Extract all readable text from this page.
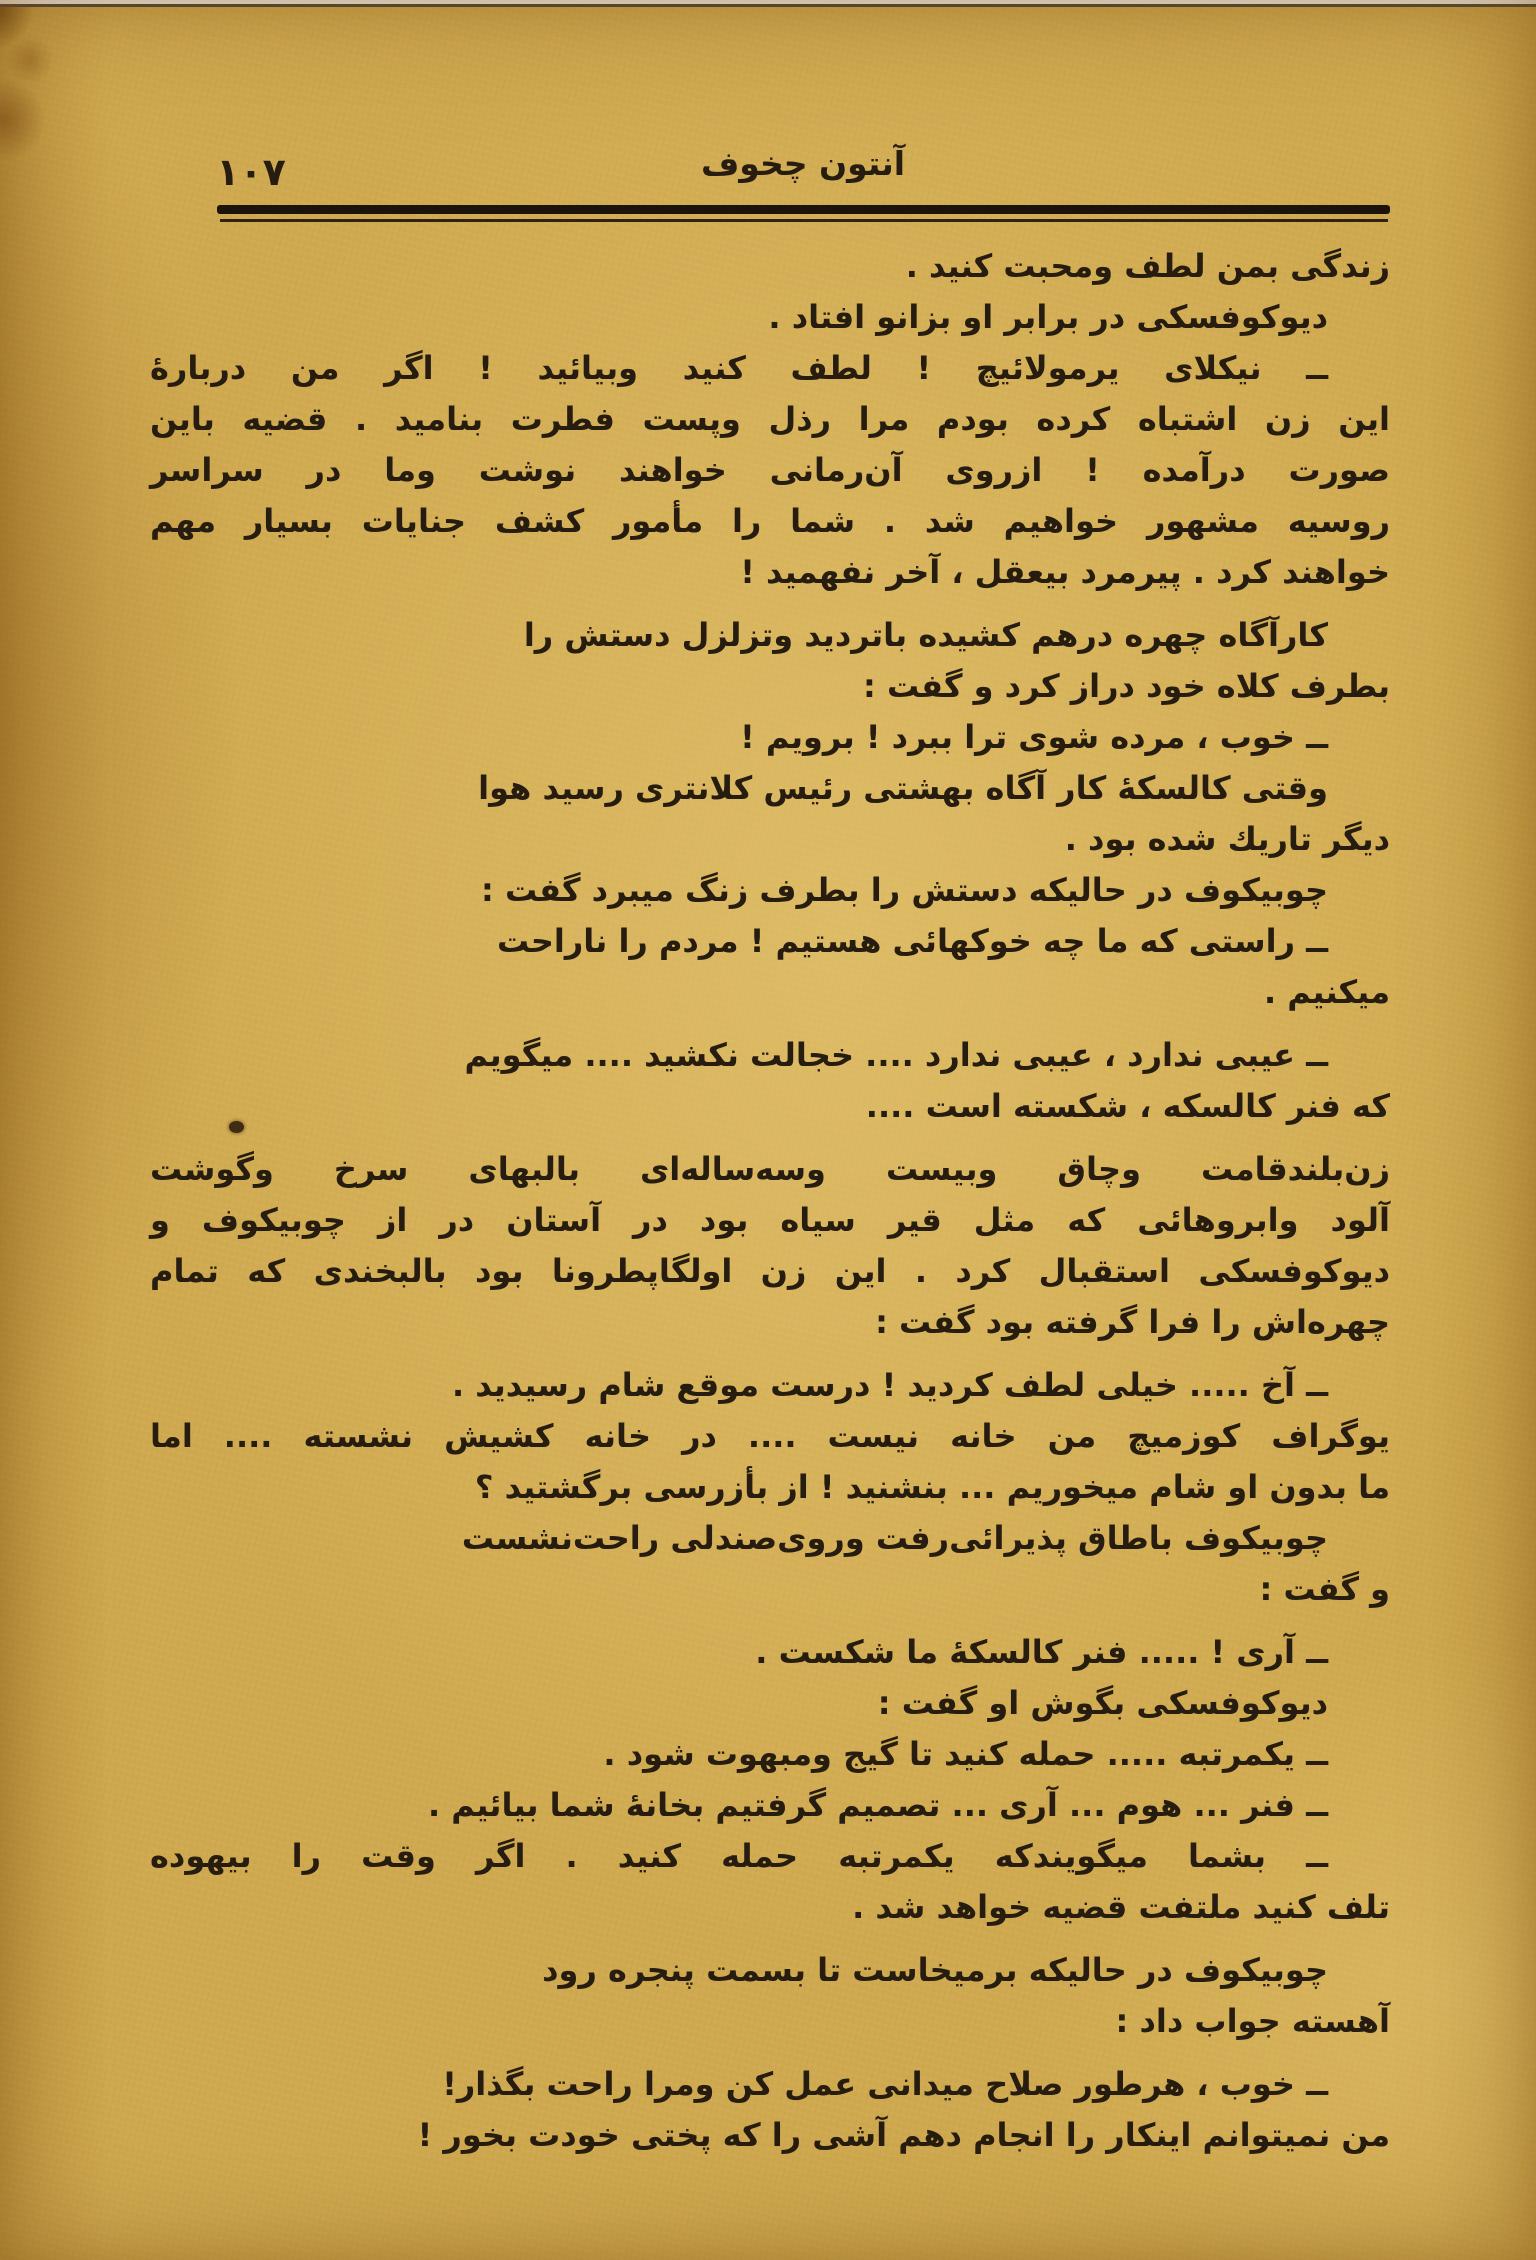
۱۰۷	آنتون چخوف
زندگی بمن لطف ومحبت کنید .
دیوکوفسکی در برابر او بزانو افتاد .
ــ نیکلای یرمولائیچ ! لطف کنید وبیائید ! اگر من دربارهٔ
این زن اشتباه کرده بودم مرا رذل وپست فطرت بنامید . قضیه باین
صورت درآمده ! ازروی آن‌رمانی خواهند نوشت وما در سراسر
روسیه مشهور خواهیم شد . شما را مأمور کشف جنایات بسیار مهم
خواهند کرد . پیرمرد بیعقل ، آخر نفهمید !
کارآگاه چهره درهم کشیده باتردید وتزلزل دستش را
بطرف کلاه خود دراز کرد و گفت :
ــ خوب ، مرده شوی ترا ببرد ! برویم !
وقتی کالسکهٔ کار آگاه بهشتی رئیس کلانتری رسید هوا
دیگر تاریك شده بود .
چوبیکوف در حالیکه دستش را بطرف زنگ میبرد گفت :
ــ راستی که ما چه خوکهائی هستیم ! مردم را ناراحت
میکنیم .
ــ عیبی ندارد ، عیبی ندارد .... خجالت نکشید .... میگویم
که فنر کالسکه ، شکسته است ....
زن‌بلندقامت وچاق وبیست وسه‌ساله‌ای بالبهای سرخ وگوشت
آلود وابروهائی که مثل قیر سیاه بود در آستان در از چوبیکوف و
دیوکوفسکی استقبال کرد . این زن اولگاپطرونا بود بالبخندی که تمام
چهره‌اش را فرا گرفته بود گفت :
ــ آخ ..... خیلی لطف کردید ! درست موقع شام رسیدید .
یوگراف کوزمیچ من خانه نیست .... در خانه کشیش نشسته .... اما
ما بدون او شام میخوریم ... بنشنید ! از بأزرسی برگشتید ؟
چوبیکوف باطاق پذیرائی‌رفت وروی‌صندلی راحت‌نشست
و گفت :
ــ آری ! ..... فنر کالسکهٔ ما شکست .
دیوکوفسکی بگوش او گفت :
ــ یکمرتبه ..... حمله کنید تا گیج ومبهوت شود .
ــ فنر ... هوم ... آری ... تصمیم گرفتیم بخانهٔ شما بیائیم .
ــ بشما میگویندکه یکمرتبه حمله کنید . اگر وقت را بیهوده
تلف کنید ملتفت قضیه خواهد شد .
چوبیکوف در حالیکه برمیخاست تا بسمت پنجره رود
آهسته جواب داد :
ــ خوب ، هرطور صلاح میدانی عمل کن ومرا راحت بگذار!
من نمیتوانم اینکار را انجام دهم آشی را که پختی خودت بخور !
